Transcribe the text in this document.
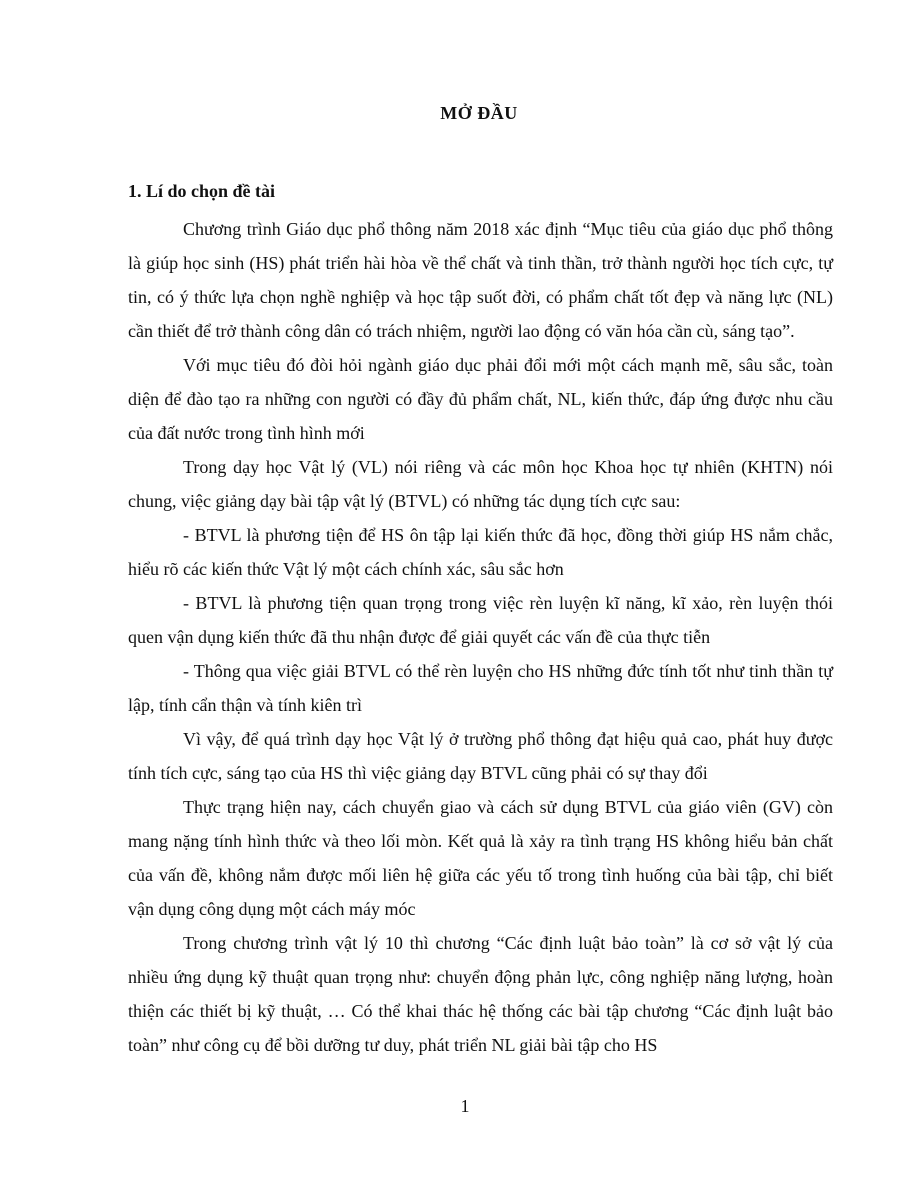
MỞ ĐẦU
1. Lí do chọn đề tài

Chương trình Giáo dục phổ thông năm 2018 xác định “Mục tiêu của giáo dục phổ thông là giúp học sinh (HS) phát triển hài hòa về thể chất và tinh thần, trở thành người học tích cực, tự tin, có ý thức lựa chọn nghề nghiệp và học tập suốt đời, có phẩm chất tốt đẹp và năng lực (NL) cần thiết để trở thành công dân có trách nhiệm, người lao động có văn hóa cần cù, sáng tạo”.

Với mục tiêu đó đòi hỏi ngành giáo dục phải đổi mới một cách mạnh mẽ, sâu sắc, toàn diện để đào tạo ra những con người có đầy đủ phẩm chất, NL, kiến thức, đáp ứng được nhu cầu của đất nước trong tình hình mới

Trong dạy học Vật lý (VL) nói riêng và các môn học Khoa học tự nhiên (KHTN) nói chung, việc giảng dạy bài tập vật lý (BTVL) có những tác dụng tích cực sau:

- BTVL là phương tiện để HS ôn tập lại kiến thức đã học, đồng thời giúp HS nắm chắc, hiểu rõ các kiến thức Vật lý một cách chính xác, sâu sắc hơn

- BTVL là phương tiện quan trọng trong việc rèn luyện kĩ năng, kĩ xảo, rèn luyện thói quen vận dụng kiến thức đã thu nhận được để giải quyết các vấn đề của thực tiễn

- Thông qua việc giải BTVL có thể rèn luyện cho HS những đức tính tốt như tinh thần tự lập, tính cẩn thận và tính kiên trì

Vì vậy, để quá trình dạy học Vật lý ở trường phổ thông đạt hiệu quả cao, phát huy được tính tích cực, sáng tạo của HS thì việc giảng dạy BTVL cũng phải có sự thay đổi

Thực trạng hiện nay, cách chuyển giao và cách sử dụng BTVL của giáo viên (GV) còn mang nặng tính hình thức và theo lối mòn. Kết quả là xảy ra tình trạng HS không hiểu bản chất của vấn đề, không nắm được mối liên hệ giữa các yếu tố trong tình huống của bài tập, chỉ biết vận dụng công dụng một cách máy móc

Trong chương trình vật lý 10 thì chương “Các định luật bảo toàn” là cơ sở vật lý của nhiều ứng dụng kỹ thuật quan trọng như: chuyển động phản lực, công nghiệp năng lượng, hoàn thiện các thiết bị kỹ thuật, … Có thể khai thác hệ thống các bài tập chương “Các định luật bảo toàn” như công cụ để bồi dưỡng tư duy, phát triển NL giải bài tập cho HS

1
